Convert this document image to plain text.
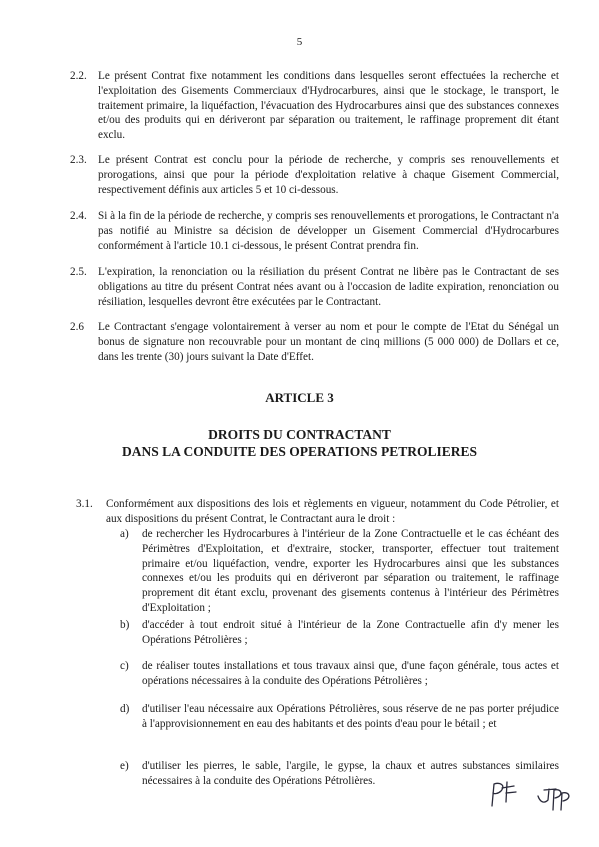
5
2.2. Le présent Contrat fixe notamment les conditions dans lesquelles seront effectuées la recherche et l'exploitation des Gisements Commerciaux d'Hydrocarbures, ainsi que le stockage, le transport, le traitement primaire, la liquéfaction, l'évacuation des Hydrocarbures ainsi que des substances connexes et/ou des produits qui en dériveront par séparation ou traitement, le raffinage proprement dit étant exclu.
2.3. Le présent Contrat est conclu pour la période de recherche, y compris ses renouvellements et prorogations, ainsi que pour la période d'exploitation relative à chaque Gisement Commercial, respectivement définis aux articles 5 et 10 ci-dessous.
2.4. Si à la fin de la période de recherche, y compris ses renouvellements et prorogations, le Contractant n'a pas notifié au Ministre sa décision de développer un Gisement Commercial d'Hydrocarbures conformément à l'article 10.1 ci-dessous, le présent Contrat prendra fin.
2.5. L'expiration, la renonciation ou la résiliation du présent Contrat ne libère pas le Contractant de ses obligations au titre du présent Contrat nées avant ou à l'occasion de ladite expiration, renonciation ou résiliation, lesquelles devront être exécutées par le Contractant.
2.6 Le Contractant s'engage volontairement à verser au nom et pour le compte de l'Etat du Sénégal un bonus de signature non recouvrable pour un montant de cinq millions (5 000 000) de Dollars et ce, dans les trente (30) jours suivant la Date d'Effet.
ARTICLE 3
DROITS DU CONTRACTANT
DANS LA CONDUITE DES OPERATIONS PETROLIERES
3.1. Conformément aux dispositions des lois et règlements en vigueur, notamment du Code Pétrolier, et aux dispositions du présent Contrat, le Contractant aura le droit :
a) de rechercher les Hydrocarbures à l'intérieur de la Zone Contractuelle et le cas échéant des Périmètres d'Exploitation, et d'extraire, stocker, transporter, effectuer tout traitement primaire et/ou liquéfaction, vendre, exporter les Hydrocarbures ainsi que les substances connexes et/ou les produits qui en dériveront par séparation ou traitement, le raffinage proprement dit étant exclu, provenant des gisements contenus à l'intérieur des Périmètres d'Exploitation ;
b) d'accéder à tout endroit situé à l'intérieur de la Zone Contractuelle afin d'y mener les Opérations Pétrolières ;
c) de réaliser toutes installations et tous travaux ainsi que, d'une façon générale, tous actes et opérations nécessaires à la conduite des Opérations Pétrolières ;
d) d'utiliser l'eau nécessaire aux Opérations Pétrolières, sous réserve de ne pas porter préjudice à l'approvisionnement en eau des habitants et des points d'eau pour le bétail ; et
e) d'utiliser les pierres, le sable, l'argile, le gypse, la chaux et autres substances similaires nécessaires à la conduite des Opérations Pétrolières.
